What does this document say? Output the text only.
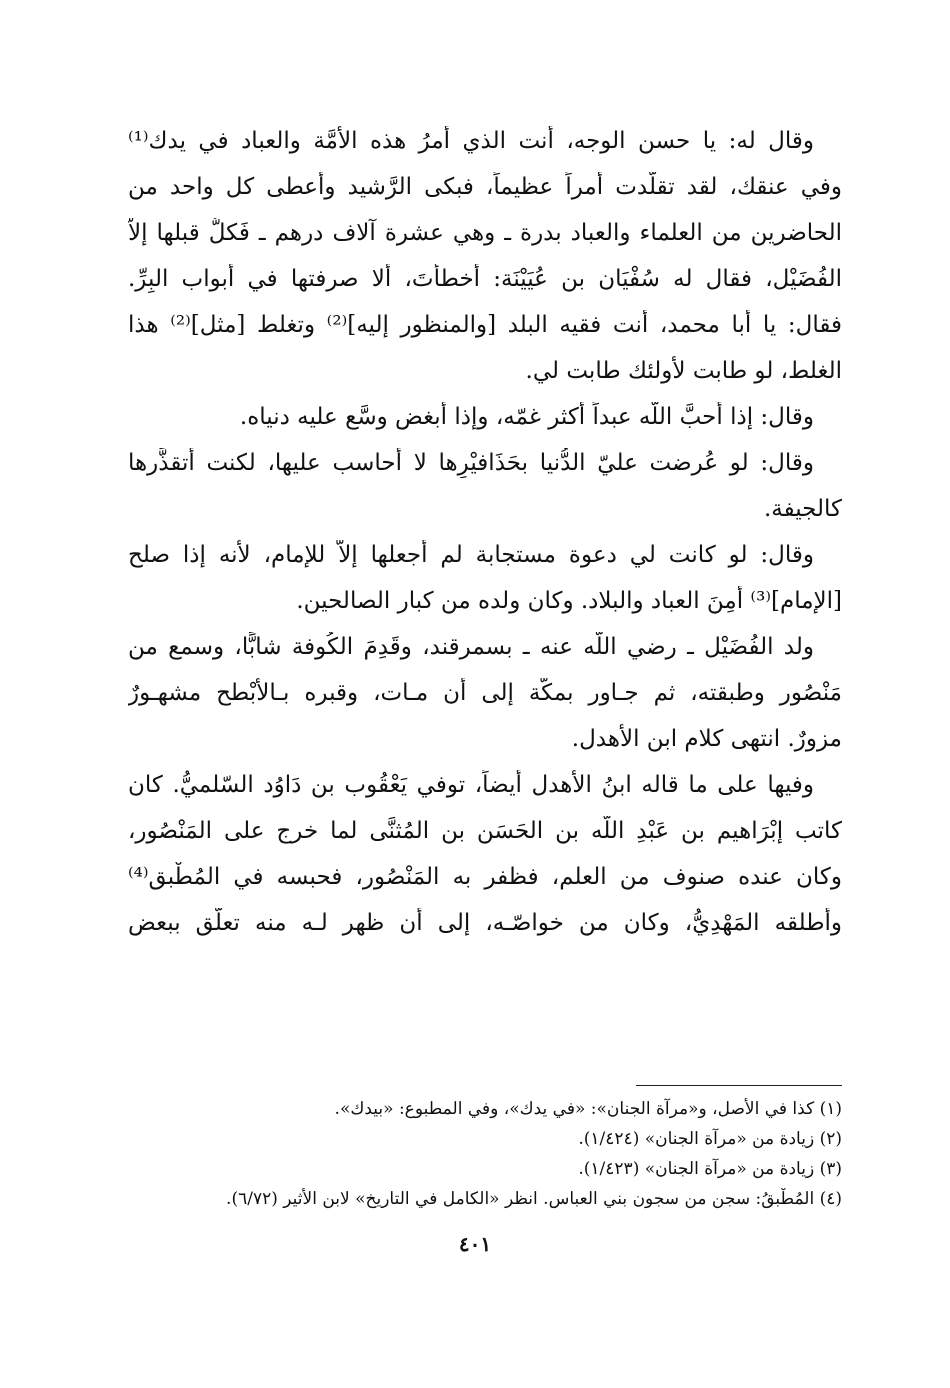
وقال له: يا حسن الوجه، أنت الذي أمرُ هذه الأُمَّة والعباد في يدك⁽¹⁾
وفي عنقك، لقد تقلَّدت أمراً عظيماً، فبكى الرَّشيد وأعطى كل واحد من
الحاضرين من العلماء والعباد بدرة ـ وهي عشرة آلاف درهم ـ فَكلٌّ قبلها إلاّ
الفُضَيْل، فقال له سُفْيَان بن عُيَيْنَة: أخطأتَ، ألا صرفتها في أبواب البِرِّ.
فقال: يا أبا محمد، أنت فقيه البلد [والمنظور إليه]⁽²⁾ وتغلط [مثل]⁽²⁾ هذا
الغلط، لو طابت لأولئك طابت لي.
وقال: إذا أحبَّ اللَّه عبداً أكثر غمّه، وإذا أبغض وسَّع عليه دنياه.
وقال: لو عُرضت عليّ الدُّنيا بحَذَافيْرِها لا أُحاسب عليها، لكنت أتقذَّرها
كالجيفة.
وقال: لو كانت لي دعوة مستجابة لم أجعلها إلاّ للإمام، لأنه إذا صلح
[الإمام]⁽³⁾ أمِنَ العباد والبلاد. وكان ولده من كبار الصالحين.
ولد الفُضَيْل ـ رضي اللَّه عنه ـ بسمرقند، وقَدِمَ الكُوفة شابًّا، وسمع من
مَنْصُور وطبقته، ثم جـاور بمكَّة إلى أن مـات، وقبره بـالأَبْطح مشهـورٌ
مزورٌ. انتهى كلام ابن الأهدل.
وفيها على ما قاله ابنُ الأهدل أيضاً، توفي يَعْقُوب بن دَاوُد السّلميُّ. كان
كاتب إبْرَاهيم بن عَبْدِ اللَّه بن الحَسَن بن المُثنَّى لما خرج على المَنْصُور،
وكان عنده صنوف من العلم، فظفر به المَنْصُور، فحبسه في المُطْبق⁽⁴⁾
وأطلقه المَهْدِيُّ، وكان من خواصّـه، إلى أن ظهر لـه منه تعلّق ببعض
(١) كذا في الأصل، و«مرآة الجنان»: «في يدك»، وفي المطبوع: «بيدك».
(٢) زيادة من «مرآة الجنان» (١/٤٢٤).
(٣) زيادة من «مرآة الجنان» (١/٤٢٣).
(٤) المُطْبقُ: سجن من سجون بني العباس. انظر «الكامل في التاريخ» لابن الأثير (٦/٧٢).
٤٠١
